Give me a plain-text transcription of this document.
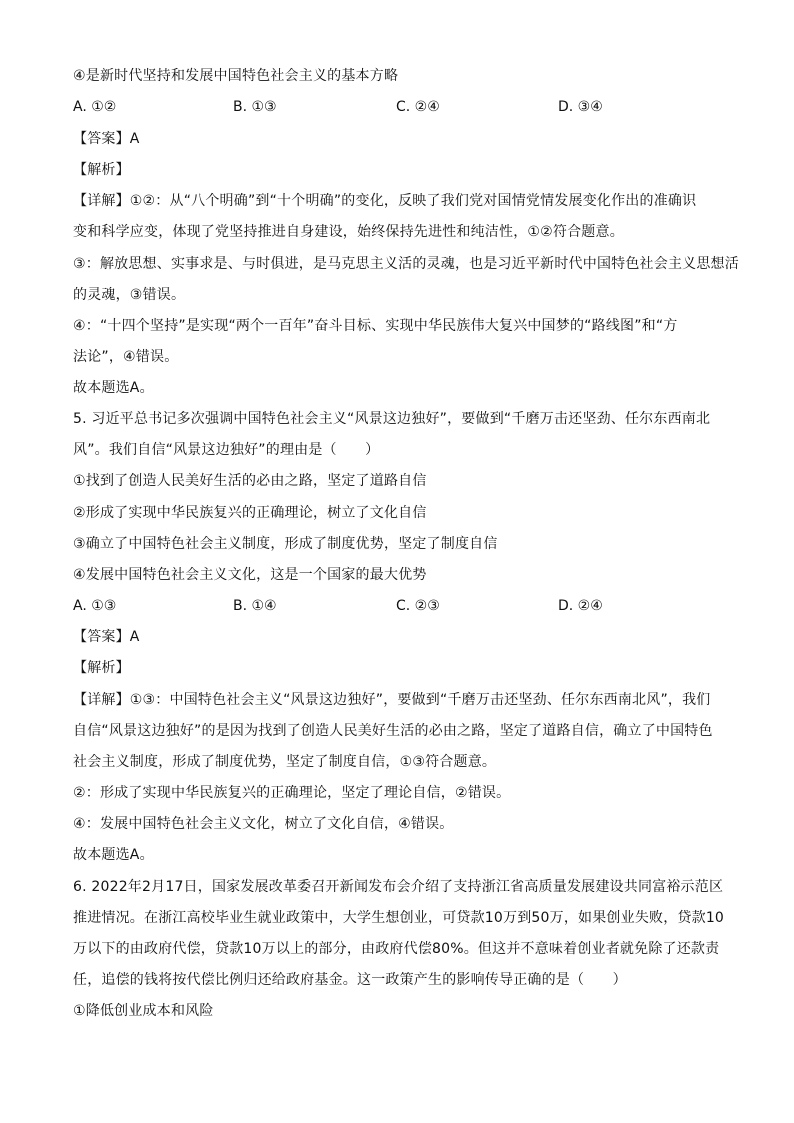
④是新时代坚持和发展中国特色社会主义的基本方略
A. ①②	B. ①③	C. ②④	D. ③④
【答案】A
【解析】
【详解】①②：从“八个明确”到“十个明确”的变化，反映了我们党对国情党情发展变化作出的准确识
变和科学应变，体现了党坚持推进自身建设，始终保持先进性和纯洁性，①②符合题意。
③：解放思想、实事求是、与时俱进，是马克思主义活的灵魂，也是习近平新时代中国特色社会主义思想活
的灵魂，③错误。
④：“十四个坚持”是实现“两个一百年”奋斗目标、实现中华民族伟大复兴中国梦的“路线图”和“方
法论”，④错误。
故本题选A。
5. 习近平总书记多次强调中国特色社会主义“风景这边独好”，要做到“千磨万击还坚劲、任尔东西南北
风”。我们自信“风景这边独好”的理由是（　　）
①找到了创造人民美好生活的必由之路，坚定了道路自信
②形成了实现中华民族复兴的正确理论，树立了文化自信
③确立了中国特色社会主义制度，形成了制度优势，坚定了制度自信
④发展中国特色社会主义文化，这是一个国家的最大优势
A. ①③	B. ①④	C. ②③	D. ②④
【答案】A
【解析】
【详解】①③：中国特色社会主义“风景这边独好”，要做到“千磨万击还坚劲、任尔东西南北风”，我们
自信“风景这边独好”的是因为找到了创造人民美好生活的必由之路，坚定了道路自信，确立了中国特色
社会主义制度，形成了制度优势，坚定了制度自信，①③符合题意。
②：形成了实现中华民族复兴的正确理论，坚定了理论自信，②错误。
④：发展中国特色社会主义文化，树立了文化自信，④错误。
故本题选A。
6. 2022年2月17日，国家发展改革委召开新闻发布会介绍了支持浙江省高质量发展建设共同富裕示范区
推进情况。在浙江高校毕业生就业政策中，大学生想创业，可贷款10万到50万，如果创业失败，贷款10
万以下的由政府代偿，贷款10万以上的部分，由政府代偿80%。但这并不意味着创业者就免除了还款责
任，追偿的钱将按代偿比例归还给政府基金。这一政策产生的影响传导正确的是（　　）
①降低创业成本和风险
